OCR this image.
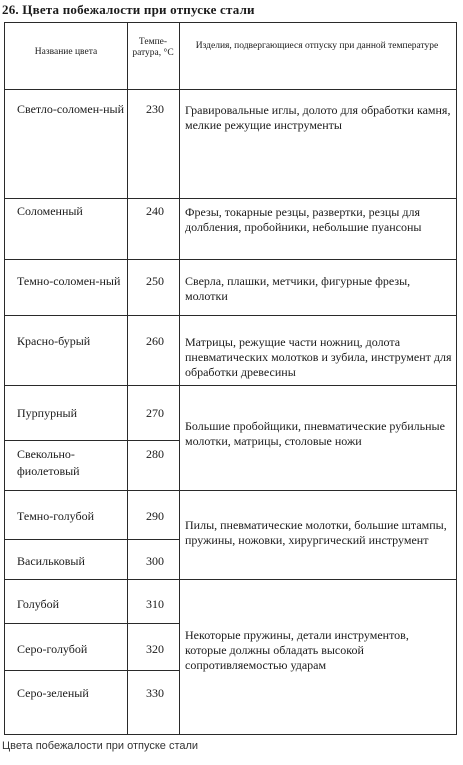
26. Цвета побежалости при отпуске стали
Название цвета
Темпе-ратура, °С
Изделия, подвергающиеся отпуску при данной температуре
Светло-соломен-ный
Соломенный
Темно-соломен-ный
Красно-бурый
Пурпурный
Свекольно-фиолетовый
Темно-голубой
Васильковый
Голубой
Серо-голубой
Серо-зеленый
230
240
250
260
270
280
290
300
310
320
330
Гравировальные иглы, долото для обработки камня, мелкие режущие инструменты
Фрезы, токарные резцы, развертки, резцы для долбления, пробойники, небольшие пуансоны
Сверла, плашки, метчики, фигурные фрезы, молотки
Матрицы, режущие части ножниц, долота пневматических молотков и зубила, инструмент для обработки древесины
Большие пробойщики, пневматические рубильные молотки, матрицы, столовые ножи
Пилы, пневматические молотки, большие штампы, пружины, ножовки, хирургический инструмент
Некоторые пружины, детали инструментов, которые должны обладать высокой сопротивляемостью ударам
Цвета побежалости при отпуске стали
